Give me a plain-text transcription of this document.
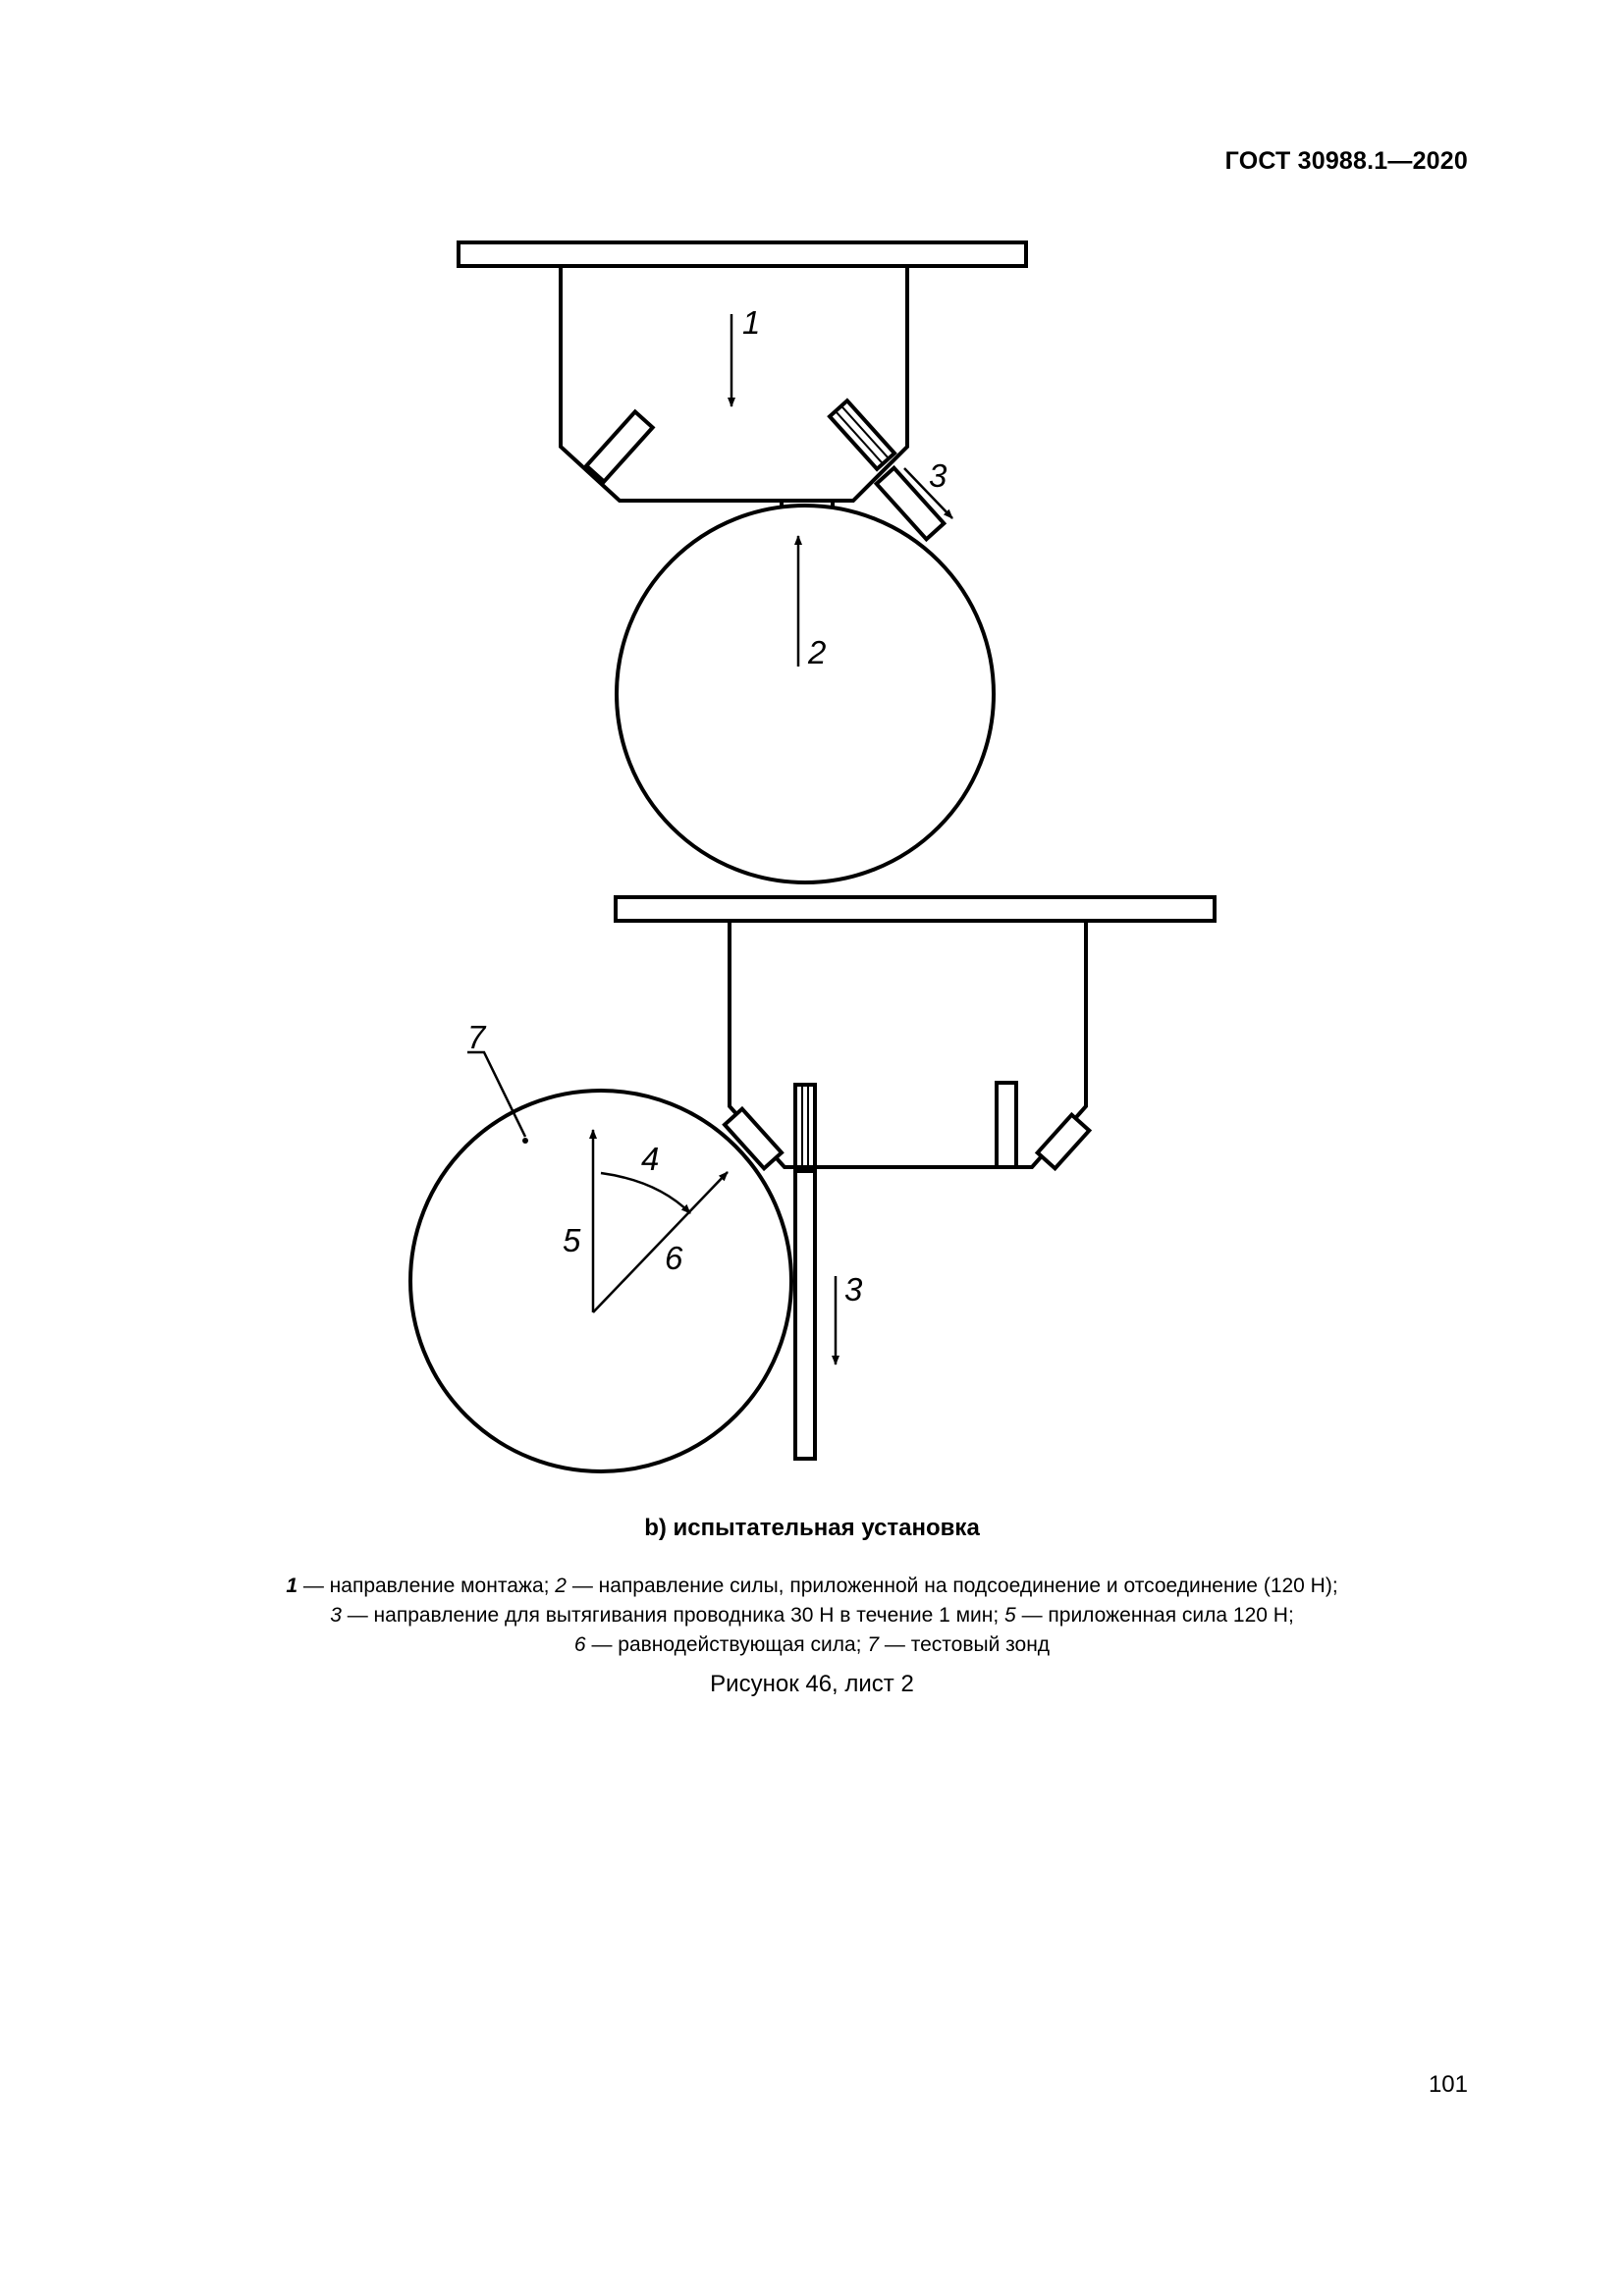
ГОСТ 30988.1—2020
1
2
3
4
5	6
3
7
b) испытательная установка
1 — направление монтажа; 2 — направление силы, приложенной на подсоединение и отсоединение (120 Н);
3 — направление для вытягивания проводника 30 Н в течение 1 мин; 5 — приложенная сила 120 Н;
6 — равнодействующая сила; 7 — тестовый зонд
Рисунок 46, лист 2
101
